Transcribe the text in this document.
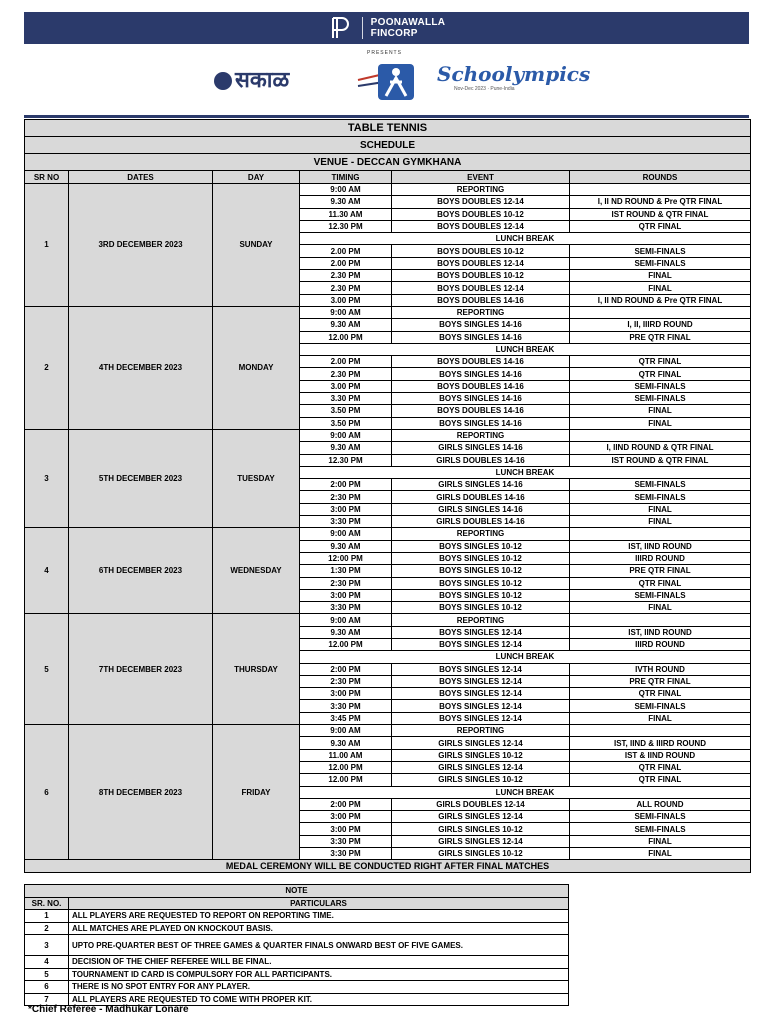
POONAWALLA
FINCORP
सकाळ
PRESENTS
Schoolympics
Nov-Dec 2023 · Pune-India
TABLE TENNIS					
SCHEDULE					
VENUE - DECCAN GYMKHANA					
SR NO	DATES	DAY	TIMING	EVENT	ROUNDS
1	3RD DECEMBER 2023	SUNDAY	9:00 AM	REPORTING	
			9.30 AM	BOYS DOUBLES 12-14	I, II ND ROUND & Pre QTR FINAL
			11.30 AM	BOYS DOUBLES 10-12	IST ROUND & QTR FINAL
			12.30 PM	BOYS DOUBLES 12-14	QTR FINAL
			LUNCH BREAK		
			2.00 PM	BOYS DOUBLES 10-12	SEMI-FINALS
			2.00 PM	BOYS DOUBLES 12-14	SEMI-FINALS
			2.30 PM	BOYS DOUBLES 10-12	FINAL
			2.30 PM	BOYS DOUBLES 12-14	FINAL
			3.00 PM	BOYS DOUBLES 14-16	I, II ND ROUND & Pre QTR FINAL
2	4TH DECEMBER 2023	MONDAY	9:00 AM	REPORTING	
			9.30 AM	BOYS SINGLES 14-16	I, II, IIIRD ROUND
			12.00 PM	BOYS SINGLES 14-16	PRE QTR FINAL
			LUNCH BREAK		
			2.00 PM	BOYS DOUBLES 14-16	QTR FINAL
			2.30 PM	BOYS SINGLES 14-16	QTR FINAL
			3.00 PM	BOYS DOUBLES 14-16	SEMI-FINALS
			3.30 PM	BOYS SINGLES 14-16	SEMI-FINALS
			3.50 PM	BOYS DOUBLES 14-16	FINAL
			3.50 PM	BOYS SINGLES 14-16	FINAL
3	5TH DECEMBER 2023	TUESDAY	9:00 AM	REPORTING	
			9.30 AM	GIRLS SINGLES 14-16	I, IIND ROUND & QTR FINAL
			12.30 PM	GIRLS DOUBLES 14-16	IST ROUND & QTR FINAL
			LUNCH BREAK		
			2:00 PM	GIRLS SINGLES 14-16	SEMI-FINALS
			2:30 PM	GIRLS DOUBLES 14-16	SEMI-FINALS
			3:00 PM	GIRLS SINGLES 14-16	FINAL
			3:30 PM	GIRLS DOUBLES 14-16	FINAL
4	6TH DECEMBER 2023	WEDNESDAY	9:00 AM	REPORTING	
			9.30 AM	BOYS SINGLES 10-12	IST, IIND ROUND
			12:00 PM	BOYS SINGLES 10-12	IIIRD ROUND
			1:30 PM	BOYS SINGLES 10-12	PRE QTR FINAL
			2:30 PM	BOYS SINGLES 10-12	QTR FINAL
			3:00 PM	BOYS SINGLES 10-12	SEMI-FINALS
			3:30 PM	BOYS SINGLES 10-12	FINAL
5	7TH DECEMBER 2023	THURSDAY	9:00 AM	REPORTING	
			9.30 AM	BOYS SINGLES 12-14	IST, IIND ROUND
			12.00 PM	BOYS SINGLES 12-14	IIIRD ROUND
			LUNCH BREAK		
			2:00 PM	BOYS SINGLES 12-14	IVTH ROUND
			2:30 PM	BOYS SINGLES 12-14	PRE QTR FINAL
			3:00 PM	BOYS SINGLES 12-14	QTR FINAL
			3:30 PM	BOYS SINGLES 12-14	SEMI-FINALS
			3:45 PM	BOYS SINGLES 12-14	FINAL
6	8TH DECEMBER 2023	FRIDAY	9:00 AM	REPORTING	
			9.30 AM	GIRLS SINGLES 12-14	IST, IIND & IIIRD ROUND
			11.00 AM	GIRLS SINGLES 10-12	IST & IIND ROUND
			12.00 PM	GIRLS SINGLES 12-14	QTR FINAL
			12.00 PM	GIRLS SINGLES 10-12	QTR FINAL
			LUNCH BREAK		
			2:00 PM	GIRLS DOUBLES 12-14	ALL ROUND
			3:00 PM	GIRLS SINGLES 12-14	SEMI-FINALS
			3:00 PM	GIRLS SINGLES 10-12	SEMI-FINALS
			3:30 PM	GIRLS SINGLES 12-14	FINAL
			3:30 PM	GIRLS SINGLES 10-12	FINAL
MEDAL CEREMONY WILL BE CONDUCTED RIGHT AFTER FINAL MATCHES					
NOTE	
SR. NO.	PARTICULARS
1	ALL PLAYERS ARE REQUESTED TO REPORT ON REPORTING TIME.
2	ALL MATCHES ARE PLAYED ON KNOCKOUT BASIS.
3	UPTO PRE-QUARTER BEST OF THREE GAMES & QUARTER FINALS ONWARD BEST OF FIVE GAMES.
4	DECISION OF THE CHIEF REFEREE WILL BE FINAL.
5	TOURNAMENT ID CARD IS COMPULSORY FOR ALL PARTICIPANTS.
6	THERE IS NO SPOT ENTRY FOR ANY PLAYER.
7	ALL PLAYERS ARE REQUESTED TO COME WITH PROPER KIT.
*Chief Referee - Madhukar Lonare
